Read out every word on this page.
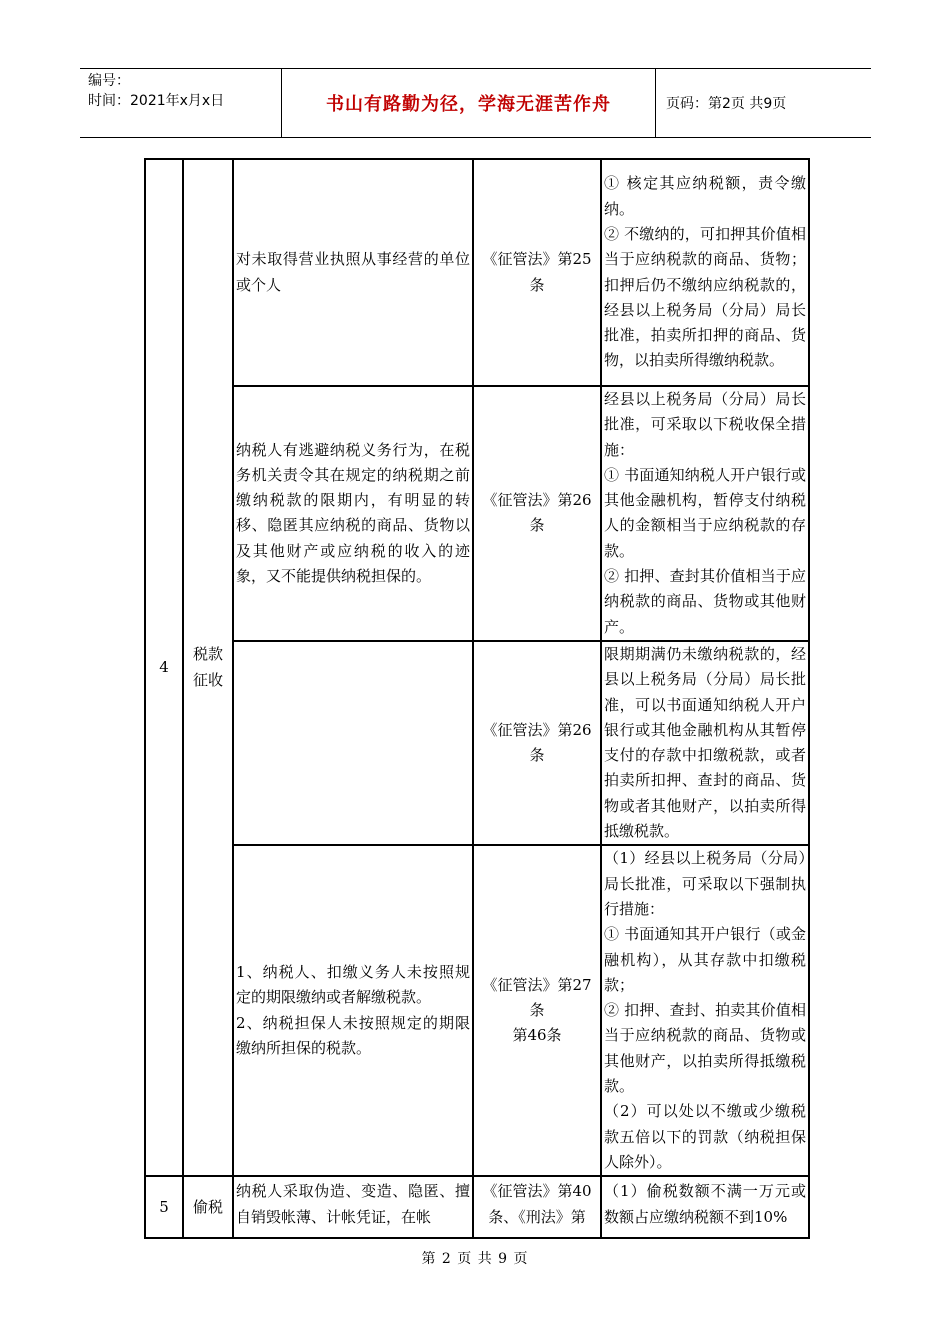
编号：
时间：2021年x月x日	书山有路勤为径，学海无涯苦作舟	页码：第2页 共9页
4	税款征收	对未取得营业执照从事经营的单位或个人	《征管法》第25条	① 核定其应纳税额，责令缴纳。
② 不缴纳的，可扣押其价值相当于应纳税款的商品、货物；扣押后仍不缴纳应纳税款的，经县以上税务局（分局）局长批准，拍卖所扣押的商品、货物，以拍卖所得缴纳税款。

		纳税人有逃避纳税义务行为，在税务机关责令其在规定的纳税期之前缴纳税款的限期内，有明显的转移、隐匿其应纳税的商品、货物以及其他财产或应纳税的收入的迹象，又不能提供纳税担保的。	《征管法》第26条	经县以上税务局（分局）局长批准，可采取以下税收保全措施：
① 书面通知纳税人开户银行或其他金融机构，暂停支付纳税人的金额相当于应纳税款的存款。
② 扣押、查封其价值相当于应纳税款的商品、货物或其他财产。

			《征管法》第26条	限期期满仍未缴纳税款的，经县以上税务局（分局）局长批准，可以书面通知纳税人开户银行或其他金融机构从其暂停支付的存款中扣缴税款，或者拍卖所扣押、查封的商品、货物或者其他财产，以拍卖所得抵缴税款。

		1、纳税人、扣缴义务人未按照规定的期限缴纳或者解缴税款。
2、纳税担保人未按照规定的期限缴纳所担保的税款。	《征管法》第27条
第46条	（1）经县以上税务局（分局）局长批准，可采取以下强制执行措施：
① 书面通知其开户银行（或金融机构），从其存款中扣缴税款；
② 扣押、查封、拍卖其价值相当于应纳税款的商品、货物或其他财产，以拍卖所得抵缴税款。
（2）可以处以不缴或少缴税款五倍以下的罚款（纳税担保人除外）。

5	偷税	纳税人采取伪造、变造、隐匿、擅自销毁帐薄、计帐凭证，在帐	《征管法》第40条、《刑法》第	（1）偷税数额不满一万元或数额占应缴纳税额不到10%
第 2 页 共 9 页
